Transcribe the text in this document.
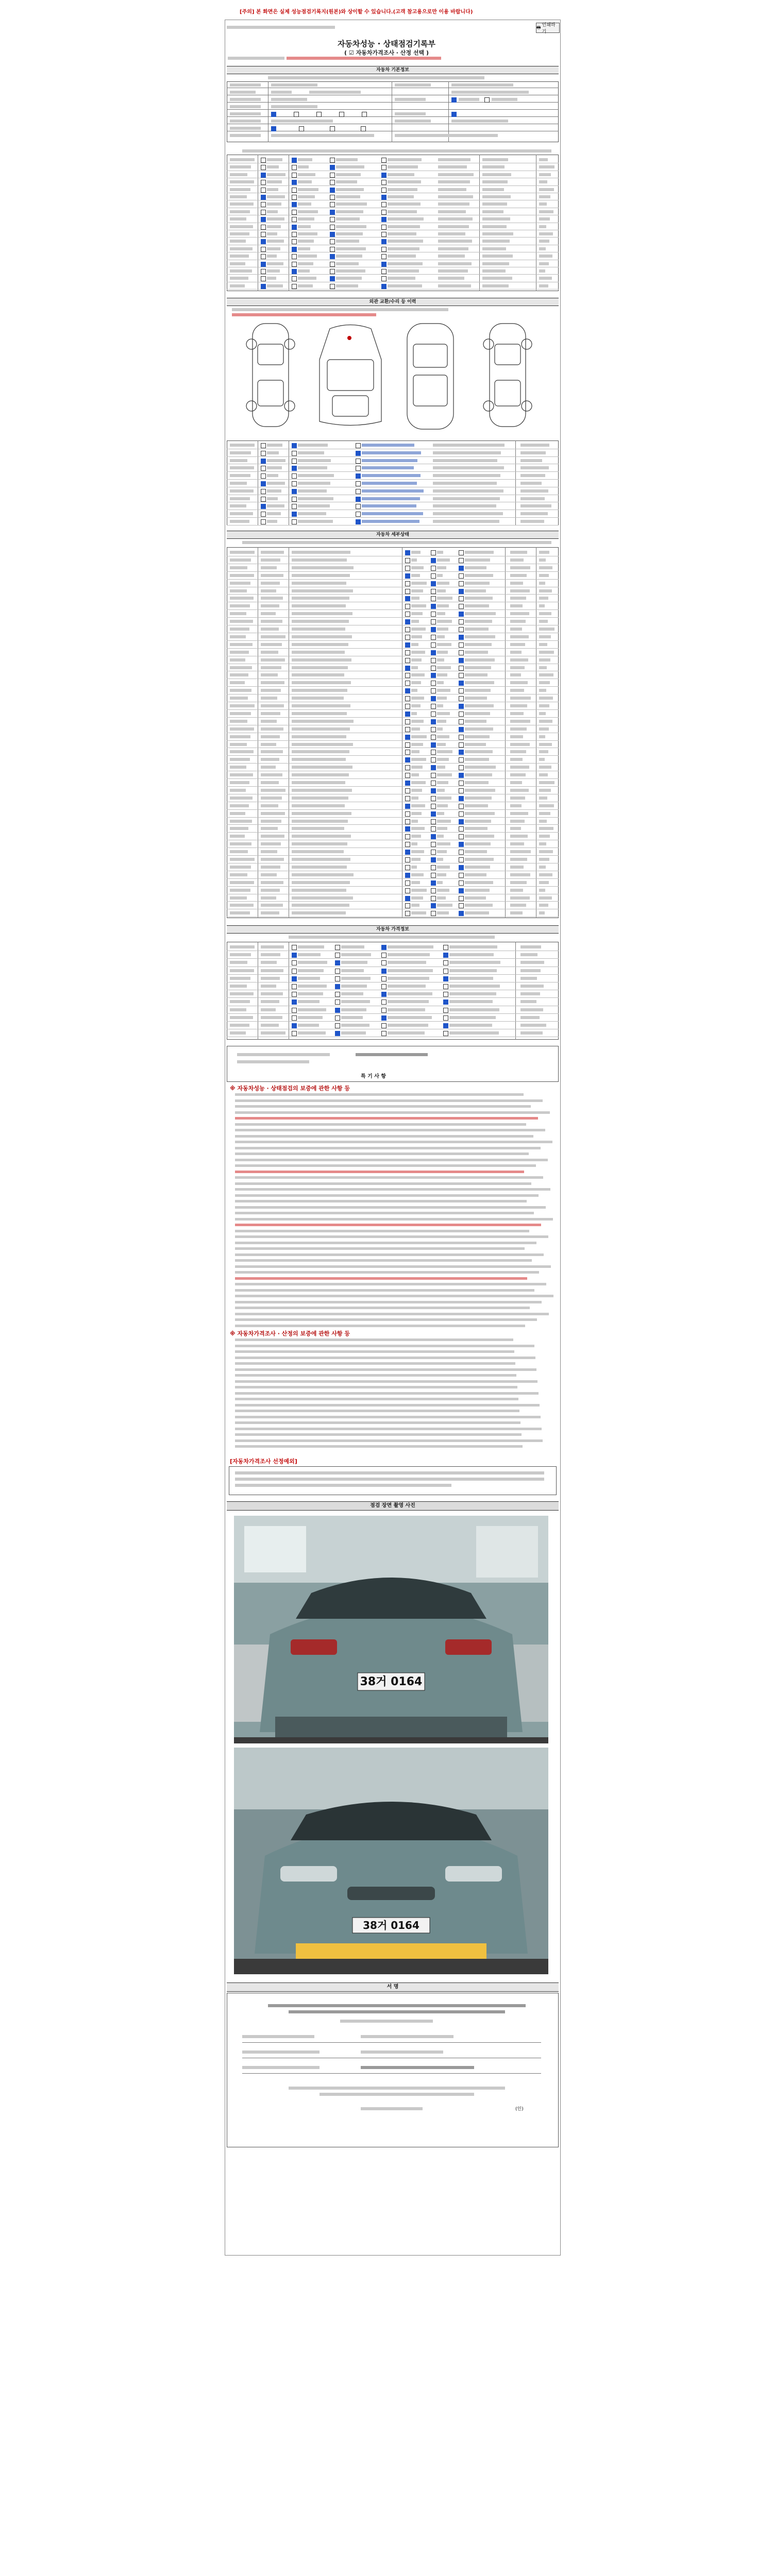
[주의] 본 화면은 실제 성능점검기록지(원본)와 상이할 수 있습니다.(고객 참고용으로만 이용 바랍니다)
🖶 인쇄하기
자동차성능 · 상태점검기록부
( ☑ 자동차가격조사 · 산정 선택 )
자동차 기본정보
외관 교환/수리 등 이력
자동차 세부상태
자동차 가격정보
특 기 사 항
※ 자동차성능 · 상태점검의 보증에 관한 사항 등
※ 자동차가격조사 · 산정의 보증에 관한 사항 등
[자동차가격조사 선정예외]
점검 장면 촬영 사진
38거 0164
38거 0164
서 명
(인)
